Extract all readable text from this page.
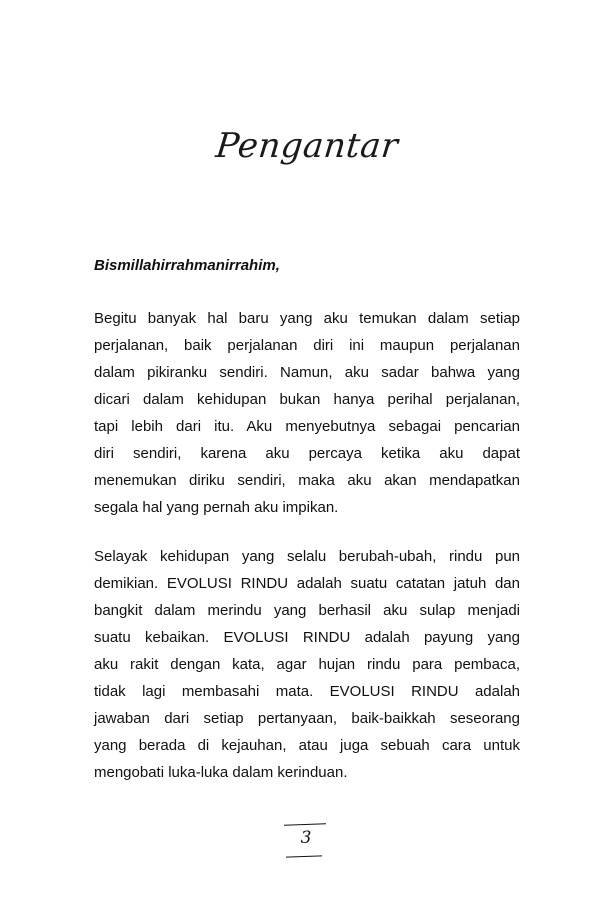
Pengantar
Bismillahirrahmanirrahim,

Begitu banyak hal baru yang aku temukan dalam setiap
perjalanan, baik perjalanan diri ini maupun perjalanan
dalam pikiranku sendiri. Namun, aku sadar bahwa yang
dicari dalam kehidupan bukan hanya perihal perjalanan,
tapi lebih dari itu. Aku menyebutnya sebagai pencarian
diri sendiri, karena aku percaya ketika aku dapat
menemukan diriku sendiri, maka aku akan mendapatkan
segala hal yang pernah aku impikan.

Selayak kehidupan yang selalu berubah-ubah, rindu pun
demikian. EVOLUSI RINDU adalah suatu catatan jatuh dan
bangkit dalam merindu yang berhasil aku sulap menjadi
suatu kebaikan. EVOLUSI RINDU adalah payung yang
aku rakit dengan kata, agar hujan rindu para pembaca,
tidak lagi membasahi mata. EVOLUSI RINDU adalah
jawaban dari setiap pertanyaan, baik-baikkah seseorang
yang berada di kejauhan, atau juga sebuah cara untuk
mengobati luka-luka dalam kerinduan.

3
